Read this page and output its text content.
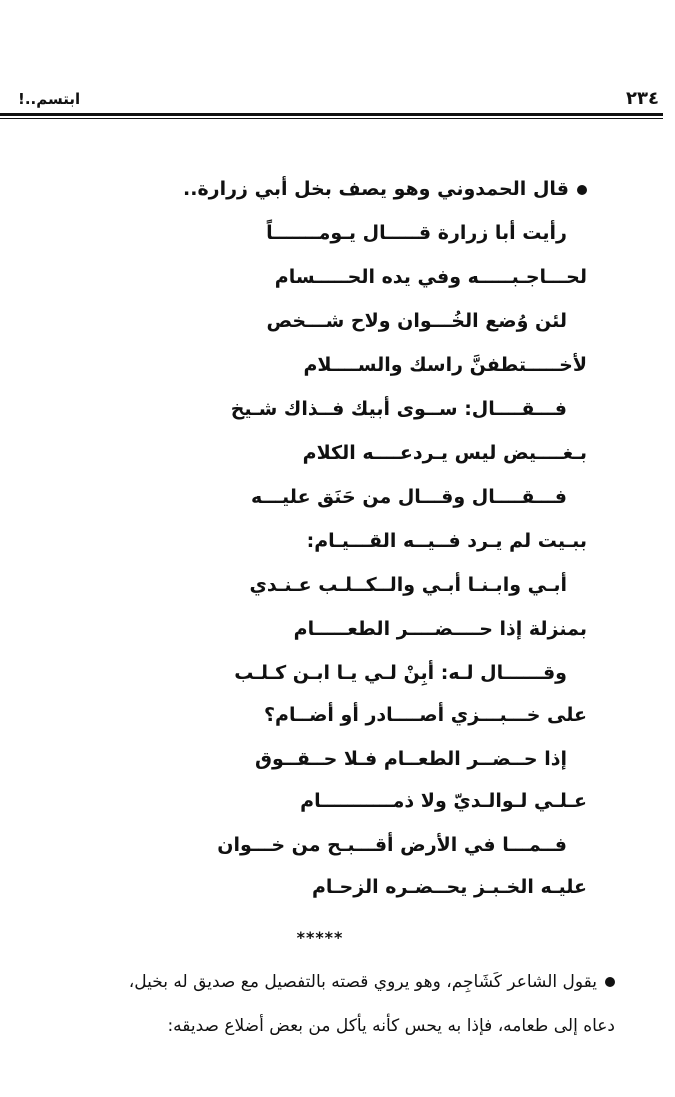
٢٣٤
ابتسم..!
قال الحمدوني وهو يصف بخل أبي زرارة..
رأيت أبا زرارة قـــــال يـومـــــــاً
لحـــاجـبـــــه وفي يده الحـــــسام
لئن وُضع الخُـــوان ولاح شـــخص
لأخـــــتطفنَّ راسك والســــلام
فـــقــــال: ســوى أبيك فــذاك شـيخ
بـغــــيض ليس يـردعــــه الكلام
فـــقــــال وقـــال من حَنَق عليـــه
ببـيت لم يـرد فــيــه القـــيـام:
أبـي وابـنـا أبـي والــكــلـب عـنـدي
بمنزلة إذا حــــضــــر الطعـــــام
وقــــــال لـه: أبِنْ لـي يـا ابـن كـلـب
على خـــبـــزي أصــــادر أو أضــام؟
إذا حــضــر الطعــام فـلا حــقــوق
عـلـي لـوالـديّ ولا ذمـــــــــــام
فــمـــا في الأرض أقـــبـح من خـــوان
عليـه الخـبـز يحــضـره الزحـام
*****
يقول الشاعر كَشَاجِم، وهو يروي قصته بالتفصيل مع صديق له بخيل،
دعاه إلى طعامه، فإذا به يحس كأنه يأكل من بعض أضلاع صديقه:
